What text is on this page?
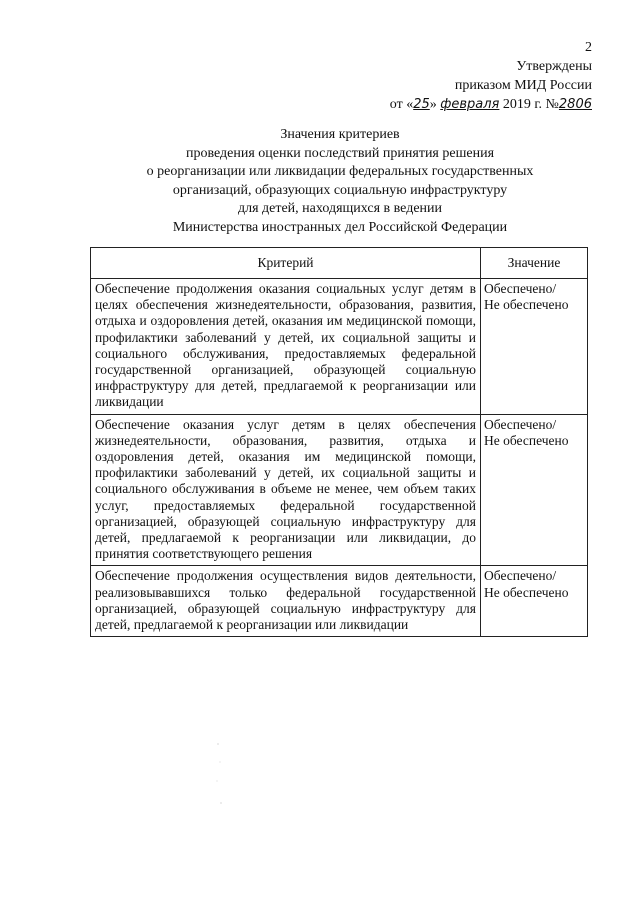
2
Утверждены
приказом МИД России
от «25» февраля 2019 г. №2806
Значения критериев
проведения оценки последствий принятия решения
о реорганизации или ликвидации федеральных государственных
организаций, образующих социальную инфраструктуру
для детей, находящихся в ведении
Министерства иностранных дел Российской Федерации
Критерий	Значение
Обеспечение продолжения оказания социальных услуг детям в целях обеспечения жизнедеятельности, образования, развития, отдыха и оздоровления детей, оказания им медицинской помощи, профилактики заболеваний у детей, их социальной защиты и социального обслуживания, предоставляемых федеральной государственной организацией, образующей социальную инфраструктуру для детей, предлагаемой к реорганизации или ликвидации	Обеспечено/
Не обеспечено

Обеспечение оказания услуг детям в целях обеспечения жизнедеятельности, образования, развития, отдыха и оздоровления детей, оказания им медицинской помощи, профилактики заболеваний у детей, их социальной защиты и социального обслуживания в объеме не менее, чем объем таких услуг, предоставляемых федеральной государственной организацией, образующей социальную инфраструктуру для детей, предлагаемой к реорганизации или ликвидации, до принятия соответствующего решения	Обеспечено/
Не обеспечено

Обеспечение продолжения осуществления видов деятельности, реализовывавшихся только федеральной государственной организацией, образующей социальную инфраструктуру для детей, предлагаемой к реорганизации или ликвидации	Обеспечено/
Не обеспечено
